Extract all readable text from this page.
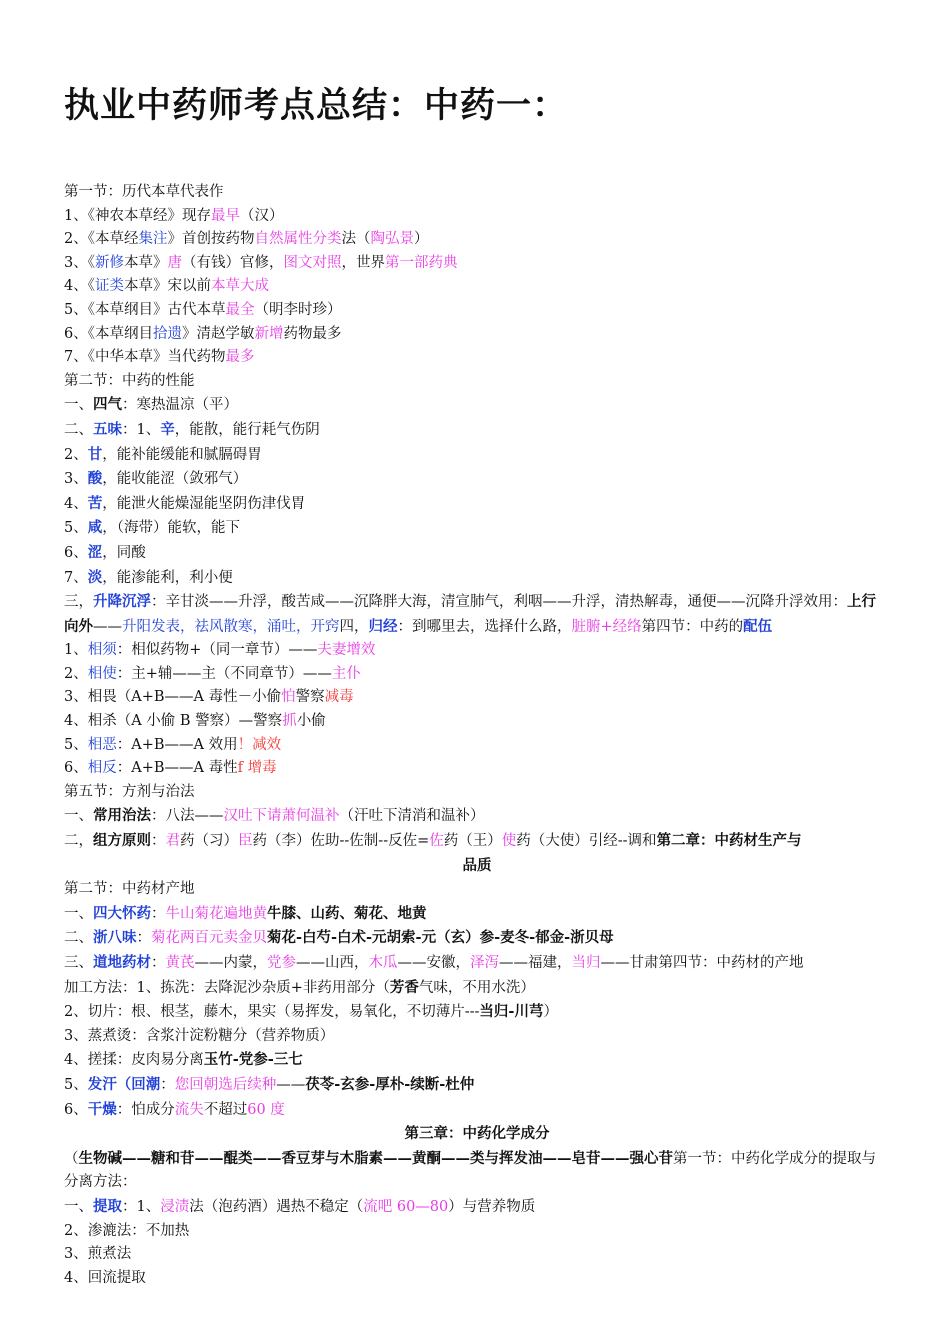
执业中药师考点总结：中药一：
第一节：历代本草代表作
1、《神农本草经》现存最早（汉）
2、《本草经集注》首创按药物自然属性分类法（陶弘景）
3、《新修本草》唐（有钱）官修，图文对照，世界第一部药典
4、《证类本草》宋以前本草大成
5、《本草纲目》古代本草最全（明李时珍）
6、《本草纲目拾遗》清赵学敏新增药物最多
7、《中华本草》当代药物最多
第二节：中药的性能
一、四气：寒热温凉（平）
二、五味：1、辛，能散，能行耗气伤阴
2、甘，能补能缓能和腻膈碍胃
3、酸，能收能涩（敛邪气）
4、苦，能泄火能燥湿能坚阴伤津伐胃
5、咸，（海带）能软，能下
6、涩，同酸
7、淡，能渗能利，利小便
三，升降沉浮：辛甘淡——升浮，酸苦咸——沉降胖大海，清宣肺气，利咽——升浮，清热解毒，通便——沉降升浮效用：上行向外——升阳发表，祛风散寒，涌吐，开窍四，归经：到哪里去，选择什么路，脏腑+经络第四节：中药的配伍
1、相须：相似药物+（同一章节）——夫妻增效
2、相使：主+辅——主（不同章节）——主仆
3、相畏（A+B——A 毒性－小偷怕警察减毒
4、相杀（A 小偷 B 警察）—警察抓小偷
5、相恶：A+B——A 效用！减效
6、相反：A+B——A 毒性f 增毒
第五节：方剂与治法
一、常用治法：八法——汉吐下请萧何温补（汗吐下清消和温补）
二，组方原则：君药（习）臣药（李）佐助--佐制--反佐=佐药（王）使药（大使）引经--调和第二章：中药材生产与
品质
第二节：中药材产地
一、四大怀药：牛山菊花遍地黄牛膝、山药、菊花、地黄
二、浙八味：菊花两百元卖金贝菊花-白芍-白术-元胡索-元（玄）参-麦冬-郁金-浙贝母
三、道地药材：黄芪——内蒙，党参——山西，木瓜——安徽，泽泻——福建，当归——甘肃第四节：中药材的产地
加工方法：1、拣洗：去降泥沙杂质+非药用部分（芳香气味，不用水洗）
2、切片：根、根茎，藤木，果实（易挥发，易氧化，不切薄片---当归-川芎）
3、蒸煮烫：含浆汁淀粉糖分（营养物质）
4、搓揉：皮肉易分离玉竹-党参-三七
5、发汗（回潮：您回朝选后续种——茯苓-玄参-厚朴-续断-杜仲
6、干燥：怕成分流失不超过60 度
第三章：中药化学成分
（生物碱——糖和苷——醌类——香豆芽与木脂素——黄酮——类与挥发油——皂苷——强心苷第一节：中药化学成分的提取与分离方法：
一、提取：1、浸渍法（泡药酒）遇热不稳定（流吧 60—80）与营养物质
2、渗漉法：不加热
3、煎煮法
4、回流提取
